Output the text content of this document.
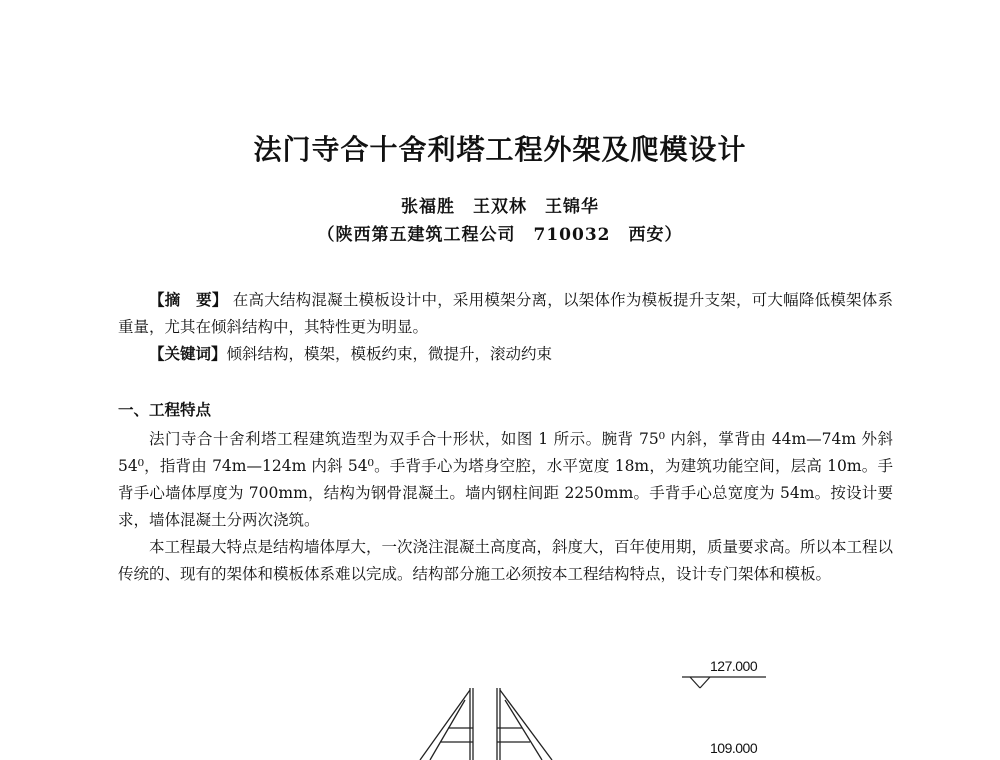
法门寺合十舍利塔工程外架及爬模设计
张福胜　王双林　王锦华
（陕西第五建筑工程公司　710032　西安）
【摘　要】 在高大结构混凝土模板设计中，采用模架分离，以架体作为模板提升支架，可大幅降低模架体系重量，尤其在倾斜结构中，其特性更为明显。
【关键词】倾斜结构，模架，模板约束，微提升，滚动约束
一、工程特点
法门寺合十舍利塔工程建筑造型为双手合十形状，如图 1 所示。腕背 75⁰ 内斜，掌背由 44m—74m 外斜 54⁰，指背由 74m—124m 内斜 54⁰。手背手心为塔身空腔，水平宽度 18m，为建筑功能空间，层高 10m。手背手心墙体厚度为 700mm，结构为钢骨混凝土。墙内钢柱间距 2250mm。手背手心总宽度为 54m。按设计要求，墙体混凝土分两次浇筑。
本工程最大特点是结构墙体厚大，一次浇注混凝土高度高，斜度大，百年使用期，质量要求高。所以本工程以传统的、现有的架体和模板体系难以完成。结构部分施工必须按本工程结构特点，设计专门架体和模板。
127.000
109.000
